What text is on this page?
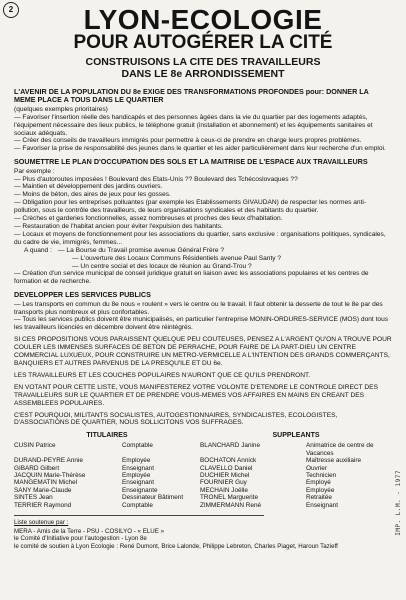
2
IMP. L.M. - 1977
LYON-ECOLOGIE
POUR AUTOGÉRER LA CITÉ
CONSTRUISONS LA CITE DES TRAVAILLEURS
DANS LE 8e ARRONDISSEMENT
L'AVENIR DE LA POPULATION DU 8e EXIGE DES TRANSFORMATIONS PROFONDES pour: DONNER LA MEME PLACE A TOUS DANS LE QUARTIER

(quelques exemples prioritaires)

— Favoriser l'insertion réelle des handicapés et des personnes âgées dans la vie du quartier par des logements adaptés, l'équipement nécessaire des lieux publics, le téléphone gratuit (installation et abonnement) et les équipements sanitaires et sociaux adéquats.

— Créer des conseils de travailleurs immigrés pour permettre à ceux-ci de prendre en charge leurs propres problèmes.

— Favoriser la prise de responsabilité des jeunes dans le quartier et les aider particulièrement dans leur recherche d'un emploi.

SOUMETTRE LE PLAN D'OCCUPATION DES SOLS ET LA MAITRISE DE L'ESPACE AUX TRAVAILLEURS

Par exemple :

— Plus d'autoroutes imposées ! Boulevard des Etats-Unis ?? Boulevard des Tchécoslovaques ??

— Maintien et développement des jardins ouvriers.

— Moins de béton, des aires de jeux pour les gosses.

— Obligation pour les entreprises polluantes (par exemple les Etablissements GIVAUDAN) de respecter les normes anti-pollution, sous le contrôle des travailleurs, de leurs organisations syndicales et des habitants du quartier.

— Crèches et garderies fonctionnelles, assez nombreuses et proches des lieux d'habitation.

— Restauration de l'habitat ancien pour éviter l'expulsion des habitants.

— Locaux et moyens de fonctionnement pour les associations du quartier, sans exclusive : organisations politiques, syndicales, du cadre de vie, immigrés, femmes...

A quand : — La Bourse du Travail promise avenue Général Frère ?

— L'ouverture des Locaux Communs Résidentiels avenue Paul Santy ?

— Un centre social et des locaux de réunion au Grand-Trou ?

— Création d'un service municipal de conseil juridique gratuit en liaison avec les associations populaires et les centres de formation et de recherche.

DEVELOPPER LES SERVICES PUBLICS

— Les transports en commun du 8e nous « roulent » vers le centre ou le travail. Il faut obtenir la desserte de tout le 8e par des transports plus nombreux et plus confortables.

— Tous les services publics doivent être municipalisés, en particulier l'entreprise MONIN-ORDURES-SERVICE (MOS) dont tous les travailleurs licenciés en décembre doivent être réintégrés.

SI CES PROPOSITIONS VOUS PARAISSENT QUELQUE PEU COUTEUSES, PENSEZ A L'ARGENT QU'ON A TROUVE POUR COULER LES IMMENSES SURFACES DE BETON DE PERRACHE, POUR FAIRE DE LA PART-DIEU UN CENTRE COMMERCIAL LUXUEUX, POUR CONSTRUIRE UN METRO-VERMICELLE A L'INTENTION DES GRANDS COMMERÇANTS, BANQUIERS ET AUTRES PARVENUS DE LA PRESQU'ILE ET DU 6e.

LES TRAVAILLEURS ET LES COUCHES POPULAIRES N'AURONT QUE CE QU'ILS PRENDRONT.

EN VOTANT POUR CETTE LISTE, VOUS MANIFESTEREZ VOTRE VOLONTE D'ETENDRE LE CONTROLE DIRECT DES TRAVAILLEURS SUR LE QUARTIER ET DE PRENDRE VOUS-MEMES VOS AFFAIRES EN MAINS EN CREANT DES ASSEMBLEES POPULAIRES.

C'EST POURQUOI, MILITANTS SOCIALISTES, AUTOGESTIONNAIRES, SYNDICALISTES, ECOLOGISTES, D'ASSOCIATIONS DE QUARTIER, NOUS SOLLICITONS VOS SUFFRAGES.

TITULAIRES	SUPPLEANTS
CUSIN Patrice

DURAND-PEYRE Annie
GIBARD Gilbert
JACQUIN Marie-Thérèse
MANGEMATIN Michel
SANY Marie-Claude
SINTES Jean
TERRIER Raymond
Comptable

Employée
Enseignant
Employée
Enseignant
Enseignante
Dessinateur Bâtiment
Comptable
BLANCHARD Janine

BOCHATON Annick
CLAVELLO Daniel
DUCHIER Michel
FOURNIER Guy
MECHAIN Joëlle
TRONEL Marguerite
ZIMMERMANN René
Animatrice de centre de
Vacances
Maîtresse auxiliaire
Ouvrier
Technicien
Employé
Employée
Retraitée
Enseignant

Liste soutenue par :

MERA - Amis de la Terre - PSU - COSILYO - « ELUE »

le Comité d'Initiative pour l'autogestion - Lyon 8e

le comité de soutien à Lyon Ecologie : René Dumont, Brice Lalonde, Philippe Lebreton, Charles Piaget, Haroun Tazieff
